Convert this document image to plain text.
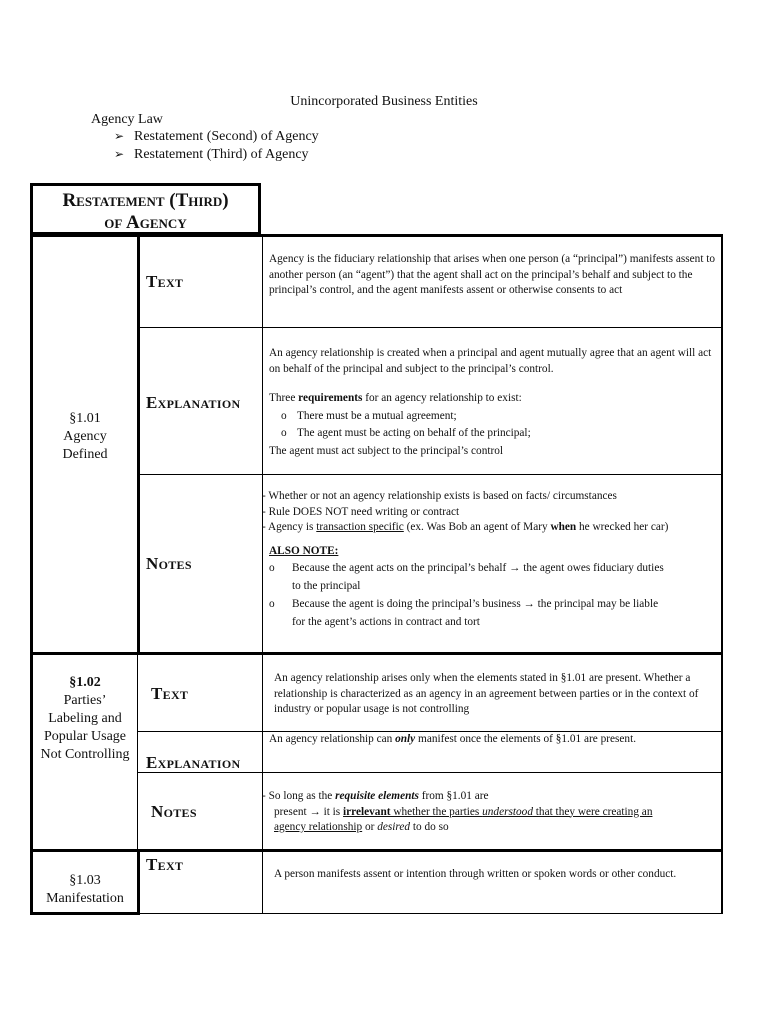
Unincorporated Business Entities
Agency Law
➢ Restatement (Second) of Agency
➢ Restatement (Third) of Agency
Restatement (Third)
of Agency
§1.01
Agency
Defined
Text
Explanation
Notes
Agency is the fiduciary relationship that arises when one person (a “principal”) manifests assent to another person (an “agent”) that the agent shall act on the principal’s behalf and subject to the principal’s control, and the agent manifests assent or otherwise consents to act

An agency relationship is created when a principal and agent mutually agree that an agent will act on behalf of the principal and subject to the principal’s control.

Three requirements for an agency relationship to exist:

o There must be a mutual agreement;

o The agent must be acting on behalf of the principal;

The agent must act subject to the principal’s control

- Whether or not an agency relationship exists is based on facts/ circumstances

- Rule DOES NOT need writing or contract

- Agency is transaction specific (ex. Was Bob an agent of Mary when he wrecked her car)

ALSO NOTE:

o Because the agent acts on the principal’s behalf → the agent owes fiduciary duties

to the principal

o Because the agent is doing the principal’s business → the principal may be liable

for the agent’s actions in contract and tort

§1.02
Parties’
Labeling and
Popular Usage
Not Controlling
Text
Explanation
Notes
An agency relationship arises only when the elements stated in §1.01 are present. Whether a relationship is characterized as an agency in an agreement between parties or in the context of industry or popular usage is not controlling
An agency relationship can only manifest once the elements of §1.01 are present.

- So long as the requisite elements from §1.01 are

present → it is irrelevant whether the parties understood that they were creating an

agency relationship or desired to do so

§1.03
Manifestation
Text	A person manifests assent or intention through written or spoken words or other conduct.
